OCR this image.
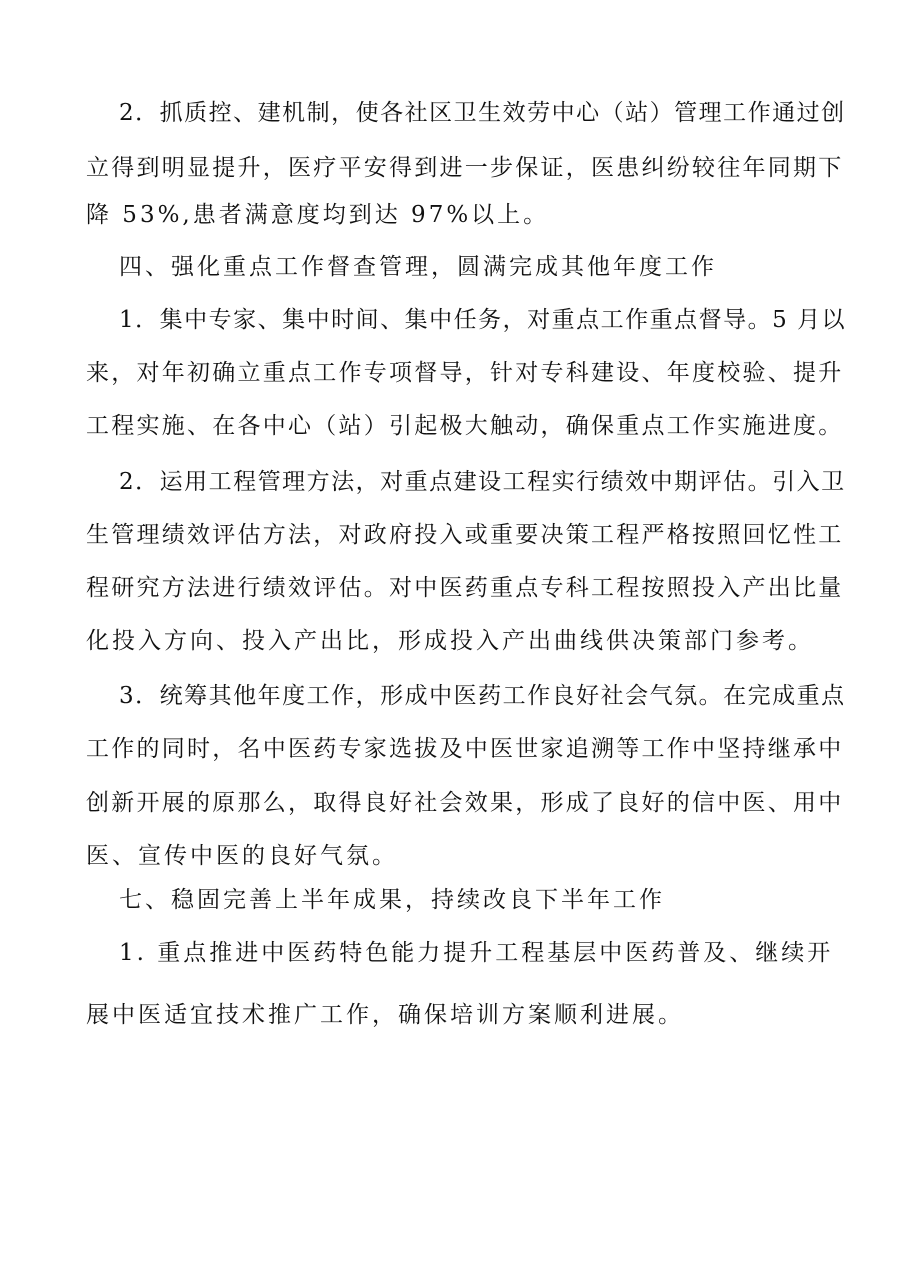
2．抓质控、建机制，使各社区卫生效劳中心（站）管理工作通过创

立得到明显提升，医疗平安得到进一步保证，医患纠纷较往年同期下

降 53%,患者满意度均到达 97%以上。

四、强化重点工作督查管理，圆满完成其他年度工作

1．集中专家、集中时间、集中任务，对重点工作重点督导。5 月以

来，对年初确立重点工作专项督导，针对专科建设、年度校验、提升

工程实施、在各中心（站）引起极大触动，确保重点工作实施进度。

2．运用工程管理方法，对重点建设工程实行绩效中期评估。引入卫

生管理绩效评估方法，对政府投入或重要决策工程严格按照回忆性工

程研究方法进行绩效评估。对中医药重点专科工程按照投入产出比量

化投入方向、投入产出比，形成投入产出曲线供决策部门参考。

3．统筹其他年度工作，形成中医药工作良好社会气氛。在完成重点

工作的同时，名中医药专家选拔及中医世家追溯等工作中坚持继承中

创新开展的原那么，取得良好社会效果，形成了良好的信中医、用中

医、宣传中医的良好气氛。

七、稳固完善上半年成果，持续改良下半年工作

1. 重点推进中医药特色能力提升工程基层中医药普及、继续开

展中医适宜技术推广工作，确保培训方案顺利进展。
